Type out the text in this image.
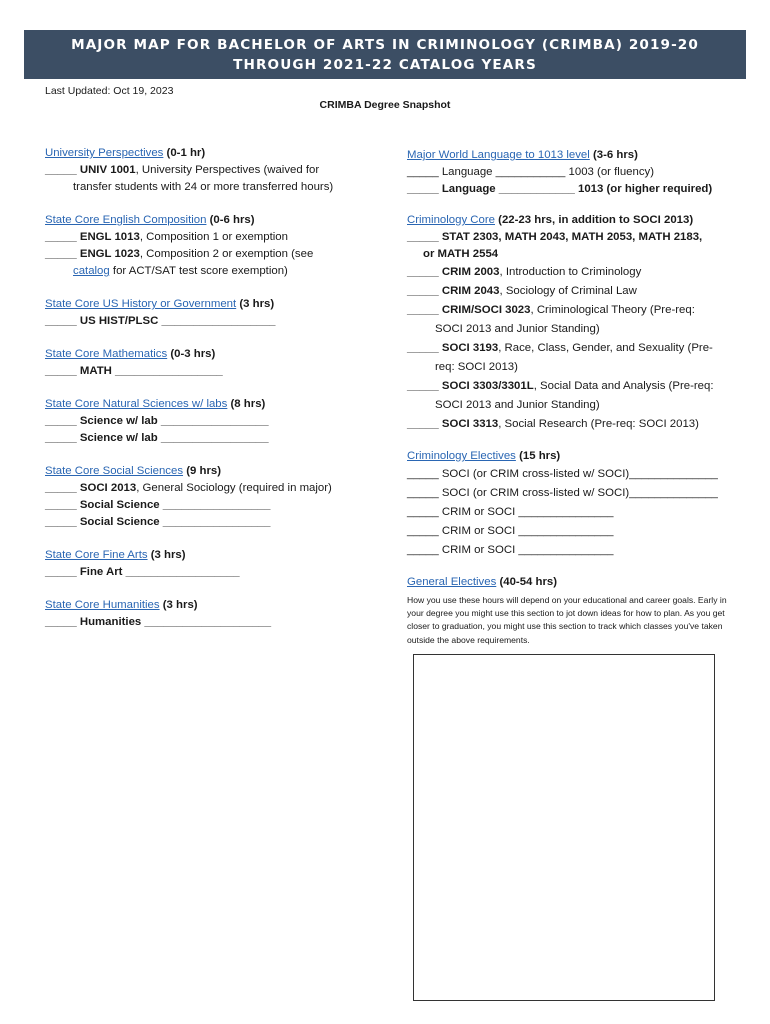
MAJOR MAP FOR BACHELOR OF ARTS IN CRIMINOLOGY (CRIMBA) 2019-20
THROUGH 2021-22 CATALOG YEARS
Last Updated: Oct 19, 2023
CRIMBA Degree Snapshot
University Perspectives (0-1 hr)
_____ UNIV 1001, University Perspectives (waived for
transfer students with 24 or more transferred hours)
State Core English Composition (0-6 hrs)
_____ ENGL 1013, Composition 1 or exemption
_____ ENGL 1023, Composition 2 or exemption (see
catalog for ACT/SAT test score exemption)
State Core US History or Government (3 hrs)
_____ US HIST/PLSC __________________
State Core Mathematics (0-3 hrs)
_____ MATH _________________
State Core Natural Sciences w/ labs (8 hrs)
_____ Science w/ lab _________________
_____ Science w/ lab _________________
State Core Social Sciences (9 hrs)
_____ SOCI 2013, General Sociology (required in major)
_____ Social Science _________________
_____ Social Science _________________
State Core Fine Arts (3 hrs)
_____ Fine Art __________________
State Core Humanities (3 hrs)
_____ Humanities ____________________
Major World Language to 1013 level (3-6 hrs)
_____ Language ___________ 1003 (or fluency)
_____ Language ____________ 1013 (or higher required)
Criminology Core (22-23 hrs, in addition to SOCI 2013)
_____ STAT 2303, MATH 2043, MATH 2053, MATH 2183,
or MATH 2554
_____ CRIM 2003, Introduction to Criminology
_____ CRIM 2043, Sociology of Criminal Law
_____ CRIM/SOCI 3023, Criminological Theory (Pre-req:
SOCI 2013 and Junior Standing)
_____ SOCI 3193, Race, Class, Gender, and Sexuality (Pre-
req: SOCI 2013)
_____ SOCI 3303/3301L, Social Data and Analysis (Pre-req:
SOCI 2013 and Junior Standing)
_____ SOCI 3313, Social Research (Pre-req: SOCI 2013)
Criminology Electives (15 hrs)
_____ SOCI (or CRIM cross-listed w/ SOCI)______________
_____ SOCI (or CRIM cross-listed w/ SOCI)______________
_____ CRIM or SOCI _______________
_____ CRIM or SOCI _______________
_____ CRIM or SOCI _______________
General Electives (40-54 hrs)
How you use these hours will depend on your educational and career goals. Early in your degree you might use this section to jot down ideas for how to plan. As you get closer to graduation, you might use this section to track which classes you've taken outside the above requirements.
